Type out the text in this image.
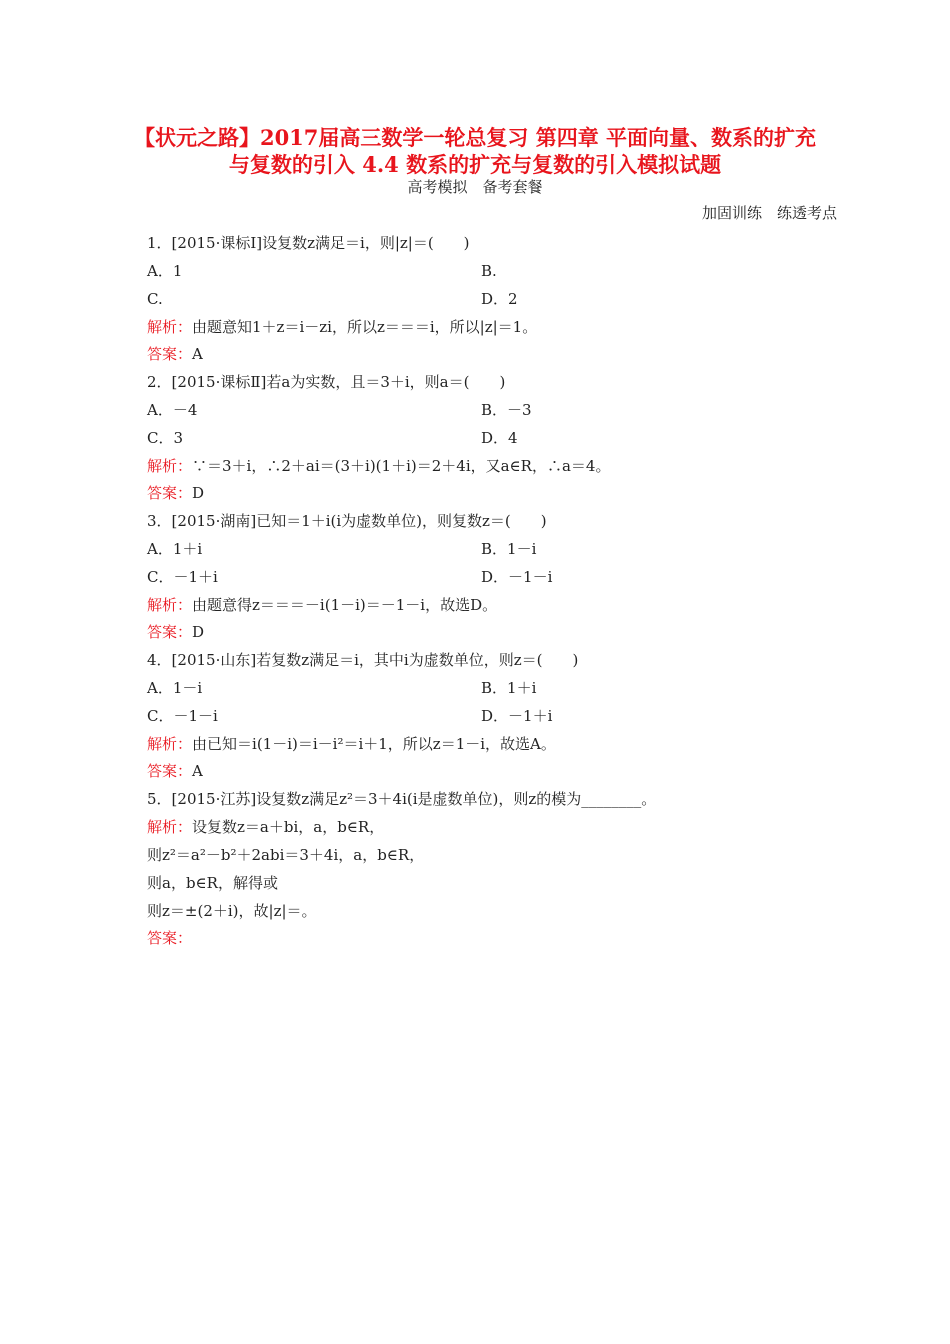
【状元之路】2017届高三数学一轮总复习 第四章 平面向量、数系的扩充
与复数的引入 4.4 数系的扩充与复数的引入模拟试题
高考模拟　备考套餐
加固训练　练透考点
1．[2015·课标Ⅰ]设复数z满足＝i，则|z|＝(　　)
A．1	B.
C.	D．2
解析：由题意知1＋z＝i－zi，所以z＝＝＝i，所以|z|＝1。
答案：A
2．[2015·课标Ⅱ]若a为实数，且＝3＋i，则a＝(　　)
A．－4	B．－3
C．3	D．4
解析：∵＝3＋i，∴2＋ai＝(3＋i)(1＋i)＝2＋4i，又a∈R，∴a＝4。
答案：D
3．[2015·湖南]已知＝1＋i(i为虚数单位)，则复数z＝(　　)
A．1＋i	B．1－i
C．－1＋i	D．－1－i
解析：由题意得z＝＝＝－i(1－i)＝－1－i，故选D。
答案：D
4．[2015·山东]若复数z满足＝i，其中i为虚数单位，则z＝(　　)
A．1－i	B．1＋i
C．－1－i	D．－1＋i
解析：由已知＝i(1－i)＝i－i²＝i＋1，所以z＝1－i，故选A。
答案：A
5．[2015·江苏]设复数z满足z²＝3＋4i(i是虚数单位)，则z的模为________。
解析：设复数z＝a＋bi，a，b∈R，
则z²＝a²－b²＋2abi＝3＋4i，a，b∈R，
则a，b∈R，解得或
则z＝±(2＋i)，故|z|＝。
答案：
